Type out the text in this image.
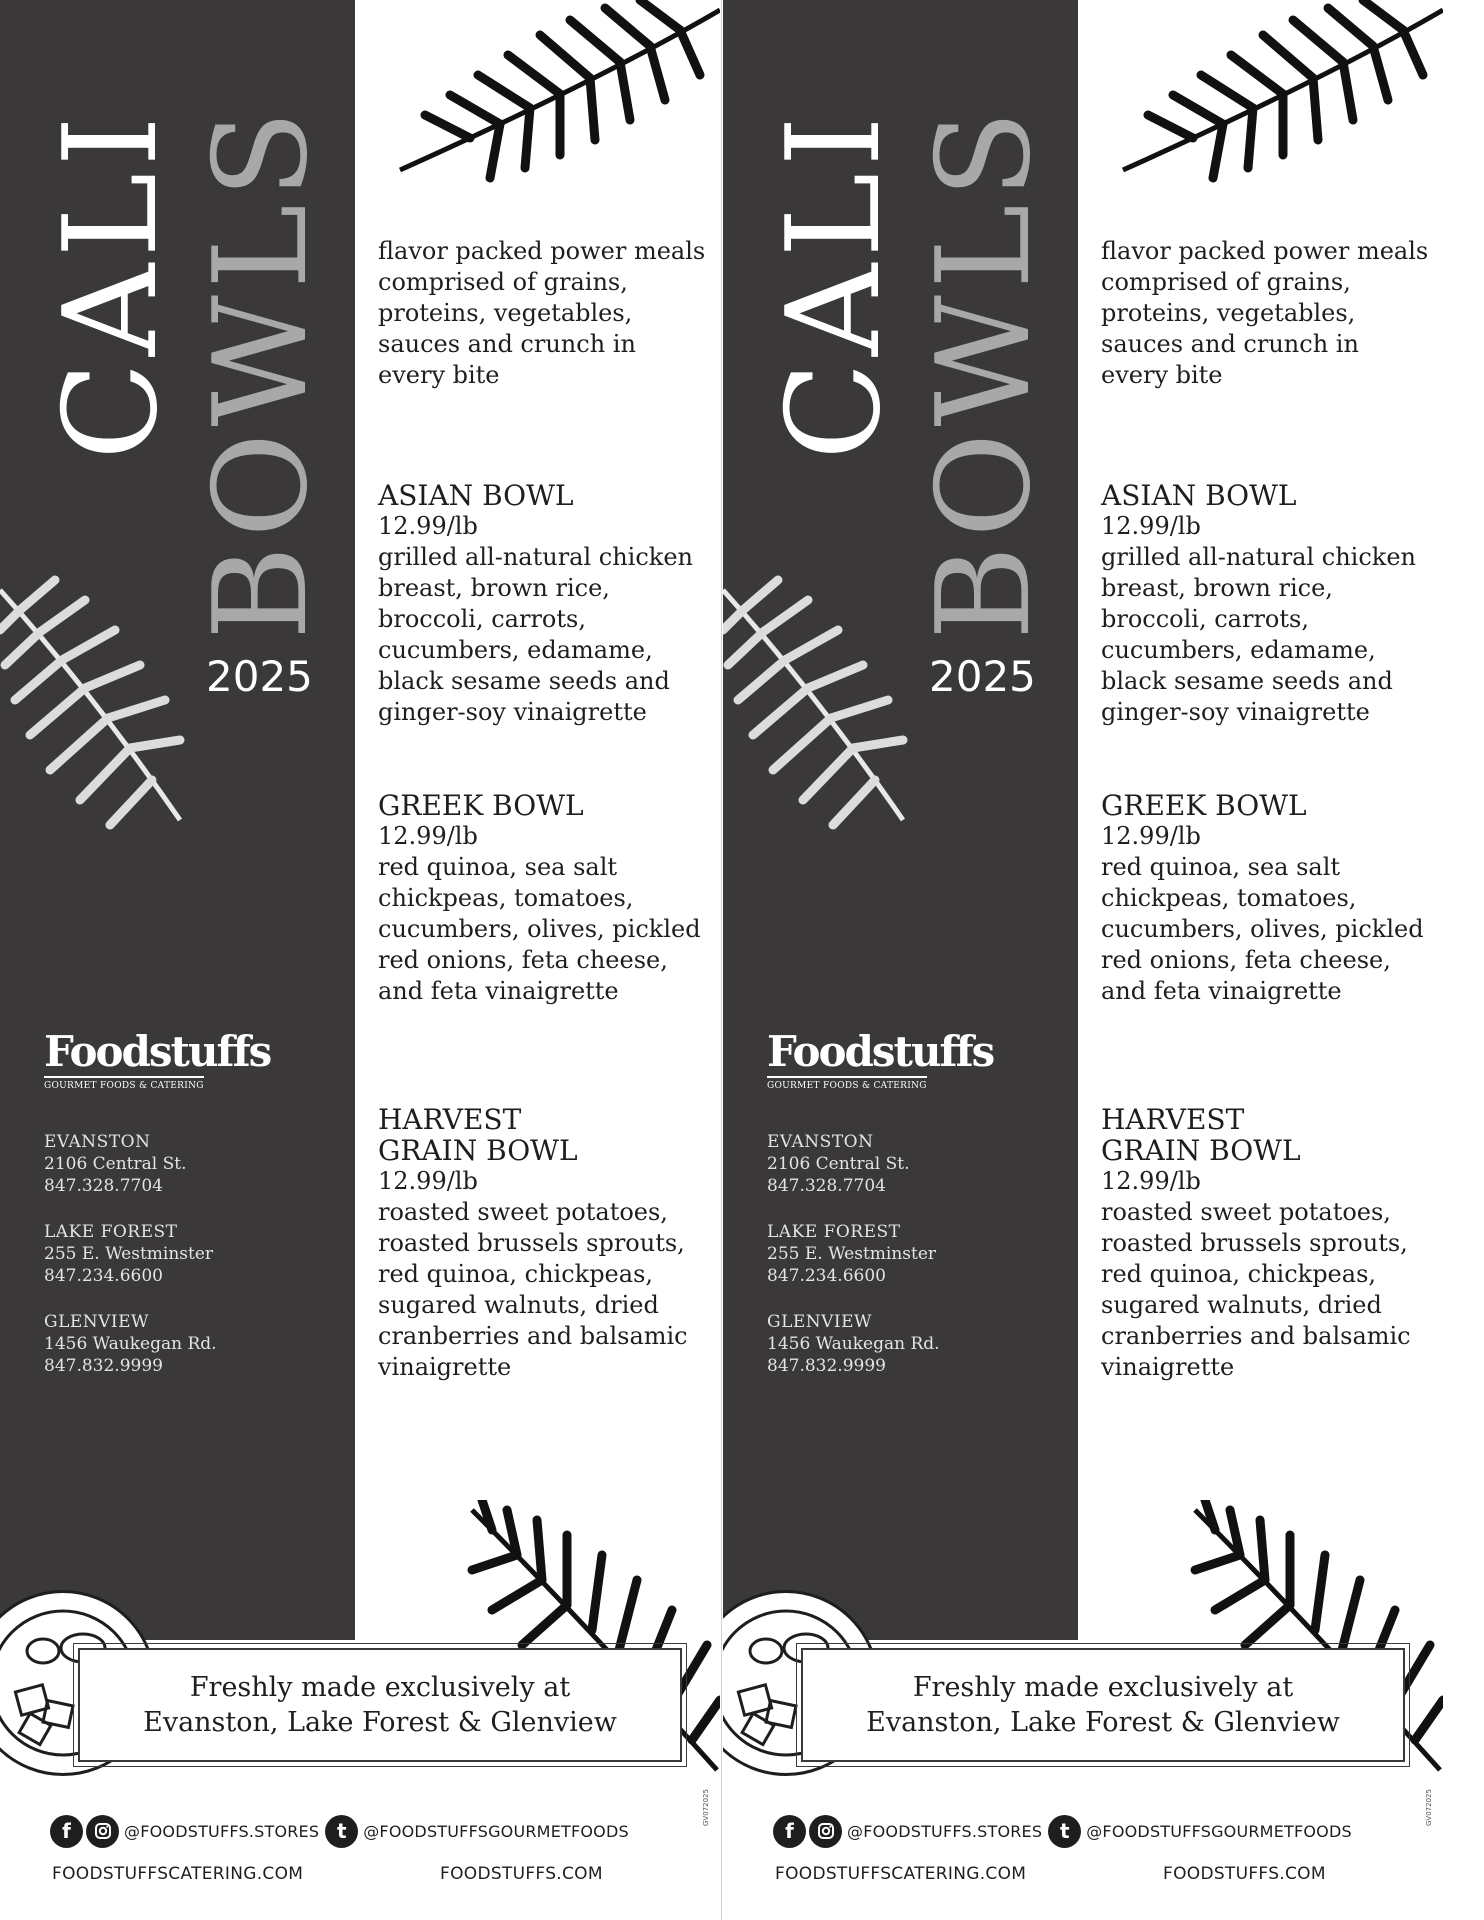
CALI BOWLS
2025
Foodstuffs
GOURMET FOODS & CATERING
EVANSTON
2106 Central St.
847.328.7704
LAKE FOREST
255 E. Westminster
847.234.6600
GLENVIEW
1456 Waukegan Rd.
847.832.9999
flavor packed power meals comprised of grains, proteins, vegetables, sauces and crunch in every bite
ASIAN BOWL
12.99/lb
grilled all-natural chicken breast, brown rice, broccoli, carrots, cucumbers, edamame, black sesame seeds and ginger-soy vinaigrette
GREEK BOWL
12.99/lb
red quinoa, sea salt chickpeas, tomatoes, cucumbers, olives, pickled red onions, feta cheese, and feta vinaigrette
HARVEST
GRAIN BOWL
12.99/lb
roasted sweet potatoes, roasted brussels sprouts, red quinoa, chickpeas, sugared walnuts, dried cranberries and balsamic vinaigrette
Freshly made exclusively at
Evanston, Lake Forest & Glenview
f	@FOODSTUFFS.STORES t	@FOODSTUFFSGOURMETFOODS
GV072025
FOODSTUFFSCATERING.COM	FOODSTUFFS.COM
CALI BOWLS
2025
Foodstuffs
GOURMET FOODS & CATERING
EVANSTON
2106 Central St.
847.328.7704
LAKE FOREST
255 E. Westminster
847.234.6600
GLENVIEW
1456 Waukegan Rd.
847.832.9999
flavor packed power meals comprised of grains, proteins, vegetables, sauces and crunch in every bite
ASIAN BOWL
12.99/lb
grilled all-natural chicken breast, brown rice, broccoli, carrots, cucumbers, edamame, black sesame seeds and ginger-soy vinaigrette
GREEK BOWL
12.99/lb
red quinoa, sea salt chickpeas, tomatoes, cucumbers, olives, pickled red onions, feta cheese, and feta vinaigrette
HARVEST
GRAIN BOWL
12.99/lb
roasted sweet potatoes, roasted brussels sprouts, red quinoa, chickpeas, sugared walnuts, dried cranberries and balsamic vinaigrette
Freshly made exclusively at
Evanston, Lake Forest & Glenview
f	@FOODSTUFFS.STORES t	@FOODSTUFFSGOURMETFOODS
GV072025
FOODSTUFFSCATERING.COM	FOODSTUFFS.COM
